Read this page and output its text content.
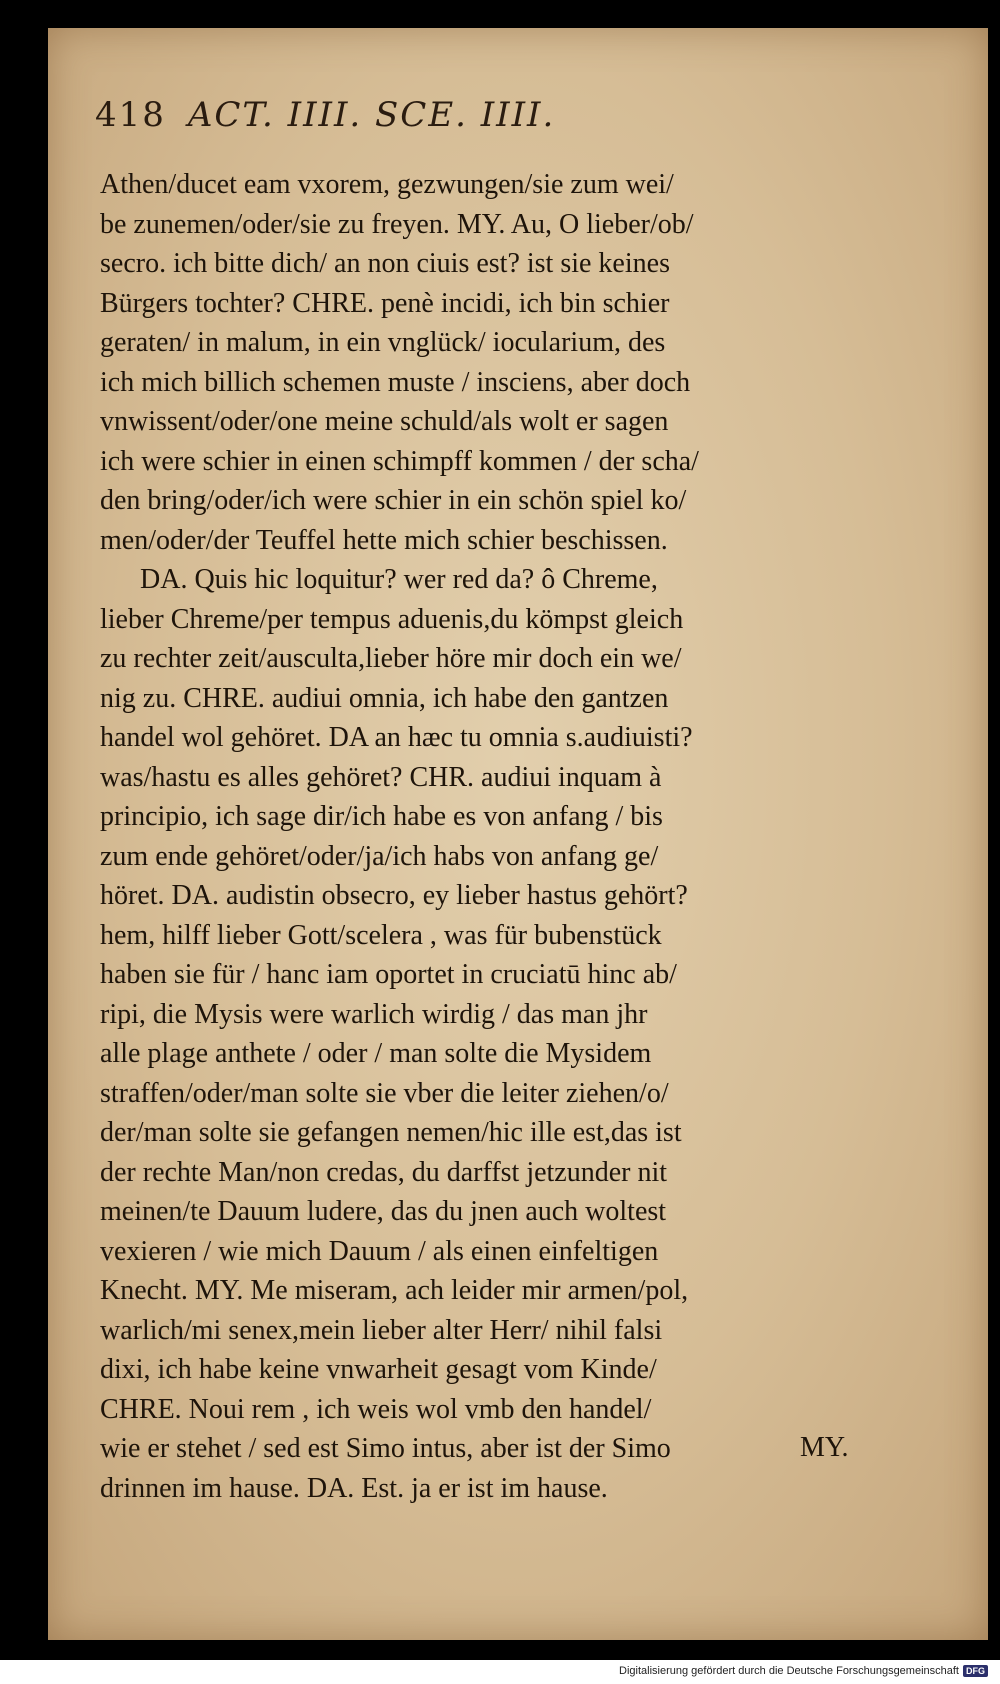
418 ACT. IIII. SCE. IIII.
Athen/ducet eam vxorem, gezwungen/sie zum wei/
be zunemen/oder/sie zu freyen. MY. Au, O lieber/ob/
secro. ich bitte dich/ an non ciuis est? ist sie keines
Bürgers tochter? CHRE. penè incidi, ich bin schier
geraten/ in malum, in ein vnglück/ iocularium, des
ich mich billich schemen muste / insciens, aber doch
vnwissent/oder/one meine schuld/als wolt er sagen
ich were schier in einen schimpff kommen / der scha/
den bring/oder/ich were schier in ein schön spiel ko/
men/oder/der Teuffel hette mich schier beschissen.
DA. Quis hic loquitur? wer red da? ô Chreme,
lieber Chreme/per tempus aduenis,du kömpst gleich
zu rechter zeit/ausculta,lieber höre mir doch ein we/
nig zu. CHRE. audiui omnia, ich habe den gantzen
handel wol gehöret. DA an hæc tu omnia s.audiuisti?
was/hastu es alles gehöret? CHR. audiui inquam à
principio, ich sage dir/ich habe es von anfang / bis
zum ende gehöret/oder/ja/ich habs von anfang ge/
höret. DA. audistin obsecro, ey lieber hastus gehört?
hem, hilff lieber Gott/scelera , was für bubenstück
haben sie für / hanc iam oportet in cruciatū hinc ab/
ripi, die Mysis were warlich wirdig / das man jhr
alle plage anthete / oder / man solte die Mysidem
straffen/oder/man solte sie vber die leiter ziehen/o/
der/man solte sie gefangen nemen/hic ille est,das ist
der rechte Man/non credas, du darffst jetzunder nit
meinen/te Dauum ludere, das du jnen auch woltest
vexieren / wie mich Dauum / als einen einfeltigen
Knecht. MY. Me miseram, ach leider mir armen/pol,
warlich/mi senex,mein lieber alter Herr/ nihil falsi
dixi, ich habe keine vnwarheit gesagt vom Kinde/
CHRE. Noui rem , ich weis wol vmb den handel/
wie er stehet / sed est Simo intus, aber ist der Simo
drinnen im hause. DA. Est. ja er ist im hause.
MY.
Digitalisierung gefördert durch die Deutsche Forschungsgemeinschaft DFG
